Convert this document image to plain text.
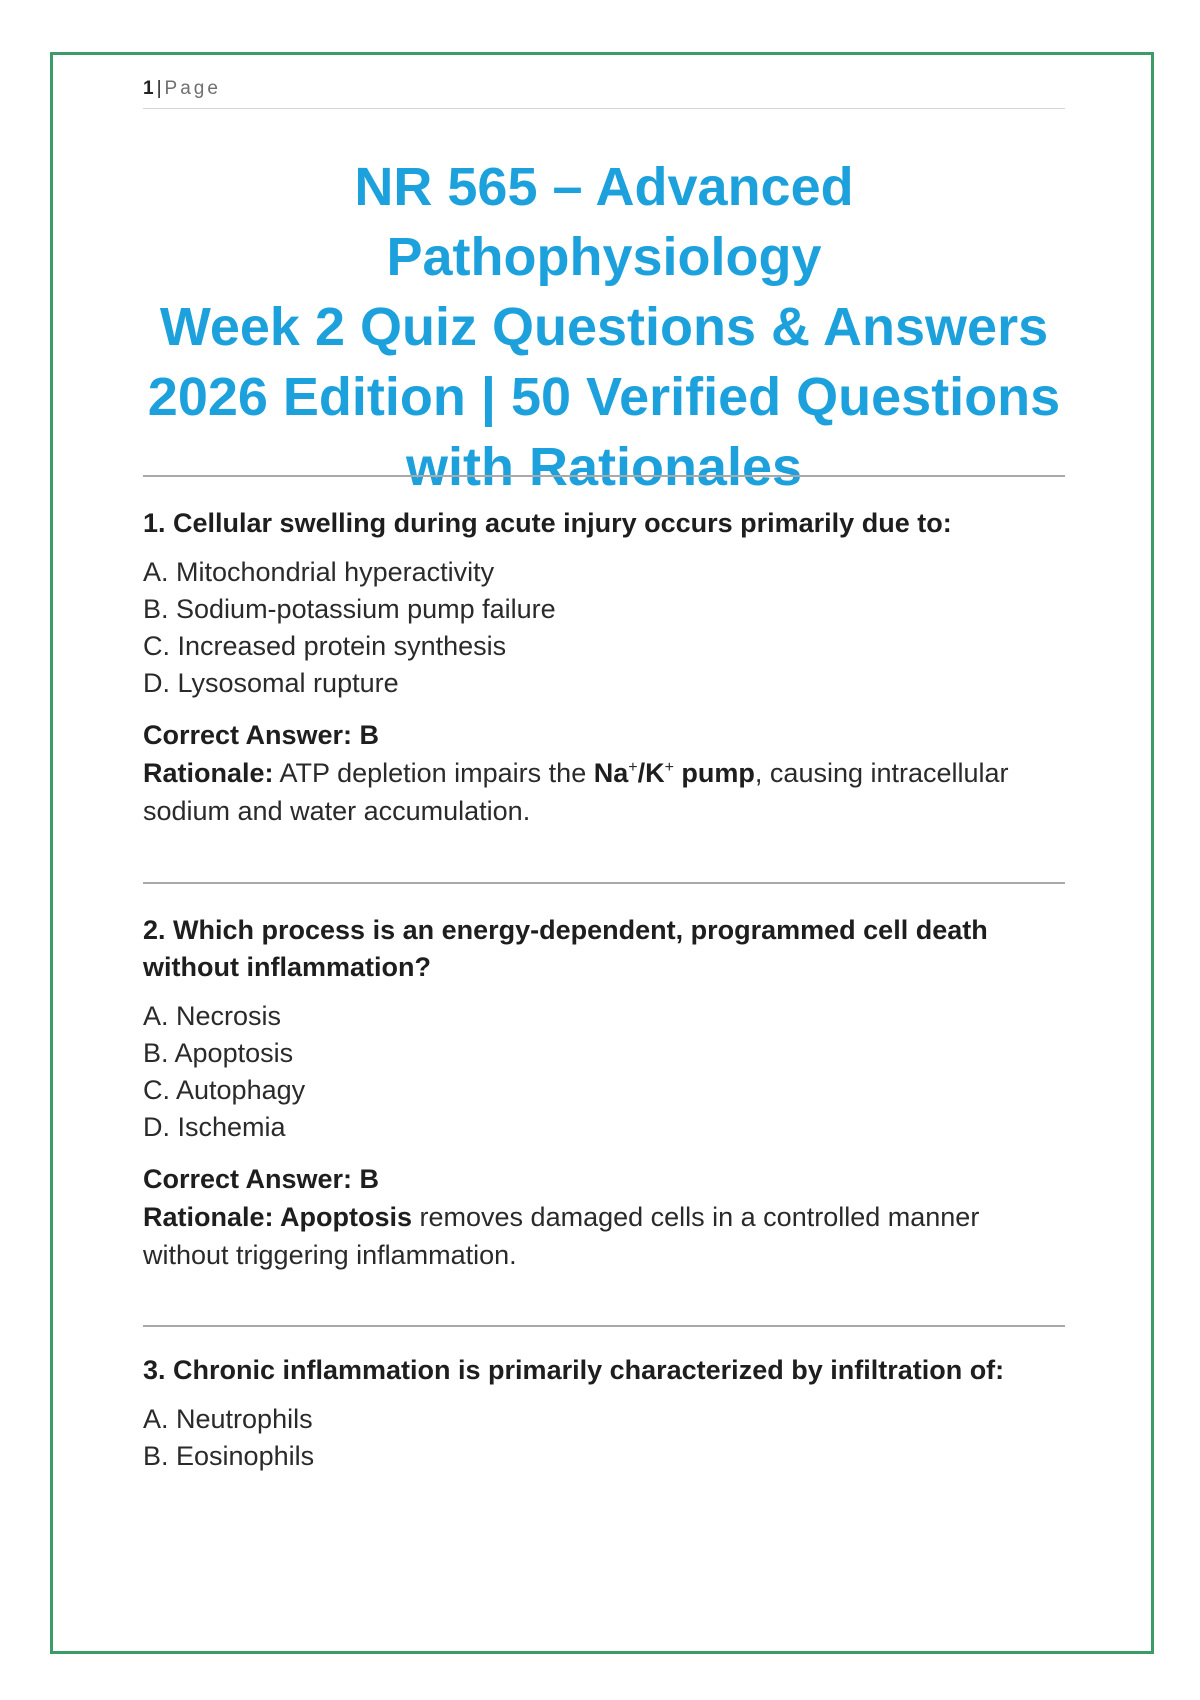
1 | Page
NR 565 – Advanced Pathophysiology
Week 2 Quiz Questions & Answers
2026 Edition | 50 Verified Questions
with Rationales

1. Cellular swelling during acute injury occurs primarily due to:

A. Mitochondrial hyperactivity
B. Sodium-potassium pump failure
C. Increased protein synthesis
D. Lysosomal rupture
Correct Answer: B
Rationale: ATP depletion impairs the Na+/K+ pump, causing intracellular sodium and water accumulation.

2. Which process is an energy-dependent, programmed cell death without inflammation?

A. Necrosis
B. Apoptosis
C. Autophagy
D. Ischemia
Correct Answer: B
Rationale: Apoptosis removes damaged cells in a controlled manner without triggering inflammation.

3. Chronic inflammation is primarily characterized by infiltration of:

A. Neutrophils
B. Eosinophils
